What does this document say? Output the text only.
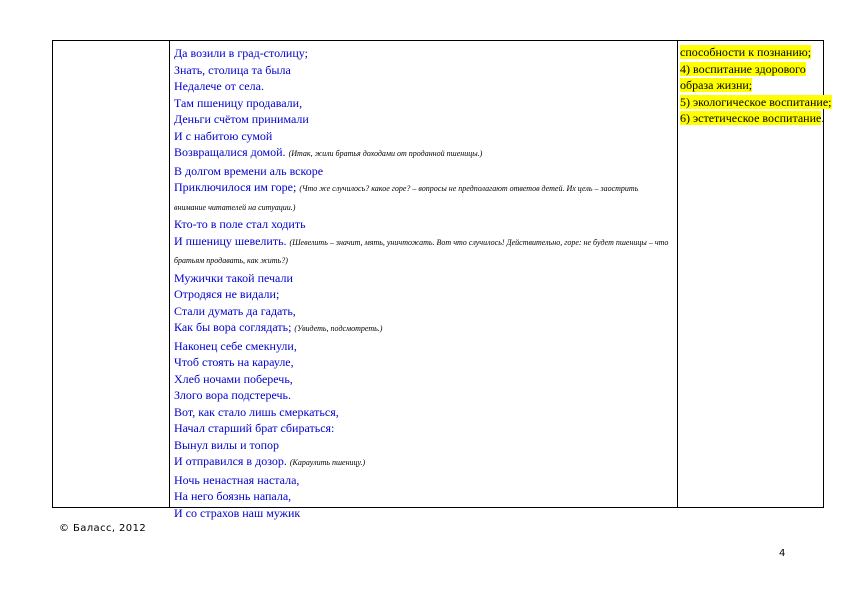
Да возили в град-столицу;
Знать, столица та была
Недалече от села.
Там пшеницу продавали,
Деньги счётом принимали
И с набитою сумой
Возвращалися домой. (Итак, жили братья доходами от проданной пшеницы.)
В долгом времени аль вскоре
Приключилося им горе; (Что же случилось? какое горе? – вопросы не предполагают ответов детей. Их цель – заострить внимание читателей на ситуации.)
Кто-то в поле стал ходить
И пшеницу шевелить. (Шевелить – значит, мять, уничтожать. Вот что случилось! Действительно, горе: не будет пшеницы – что братьям продавать, как жить?)
Мужички такой печали
Отродяся не видали;
Стали думать да гадать,
Как бы вора соглядать; (Увидеть, подсмотреть.)
Наконец себе смекнули,
Чтоб стоять на карауле,
Хлеб ночами поберечь,
Злого вора подстеречь.
Вот, как стало лишь смеркаться,
Начал старший брат сбираться:
Вынул вилы и топор
И отправился в дозор. (Караулить пшеницу.)
Ночь ненастная настала,
На него боязнь напала,
И со страхов наш мужик
способности к познанию;
4) воспитание здорового
образа жизни;
5) экологическое воспитание;
6) эстетическое воспитание.
© Баласс, 2012
4
